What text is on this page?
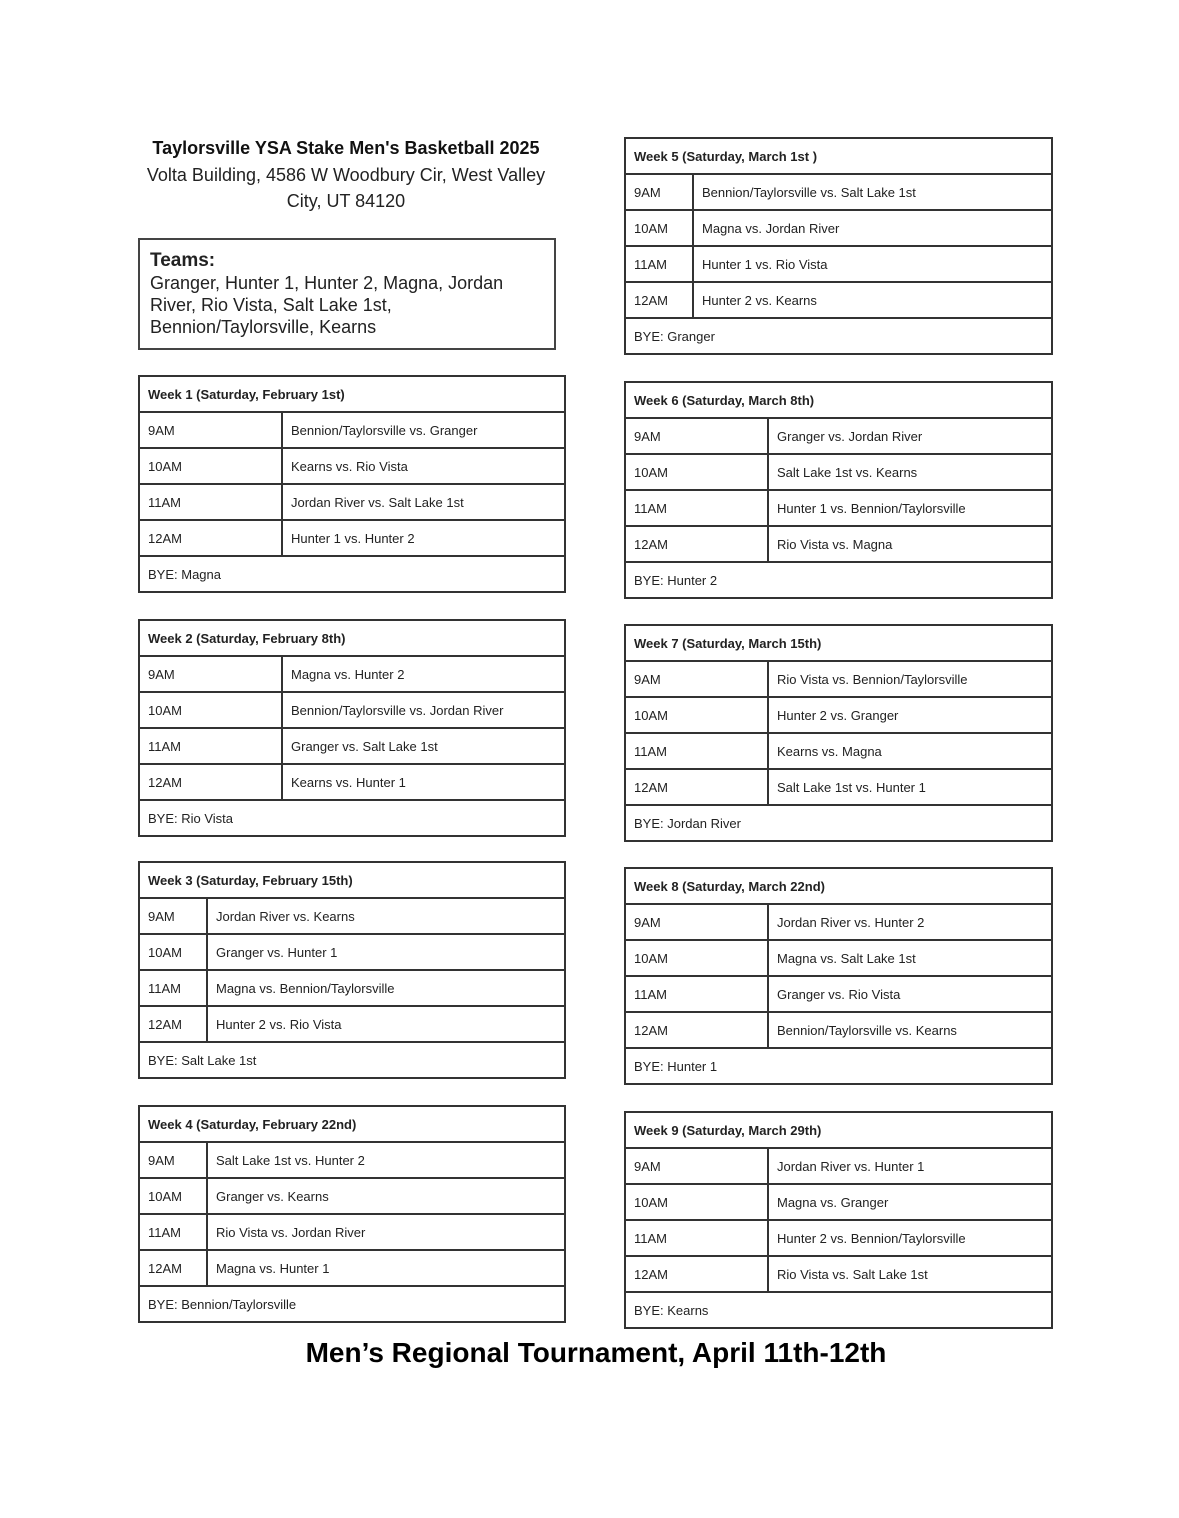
Taylorsville YSA Stake Men's Basketball 2025
Volta Building, 4586 W Woodbury Cir, West Valley City, UT 84120
Teams:
Granger, Hunter 1, Hunter 2, Magna, Jordan River, Rio Vista, Salt Lake 1st, Bennion/Taylorsville, Kearns
Week 1 (Saturday, February 1st)	
9AM	Bennion/Taylorsville vs. Granger
10AM	Kearns vs. Rio Vista
11AM	Jordan River vs. Salt Lake 1st
12AM	Hunter 1 vs. Hunter 2
BYE: Magna	
Week 2 (Saturday, February 8th)	
9AM	Magna vs. Hunter 2
10AM	Bennion/Taylorsville vs. Jordan River
11AM	Granger vs. Salt Lake 1st
12AM	Kearns vs. Hunter 1
BYE: Rio Vista	
Week 3 (Saturday, February 15th)	
9AM	Jordan River vs. Kearns
10AM	Granger vs. Hunter 1
11AM	Magna vs. Bennion/Taylorsville
12AM	Hunter 2 vs. Rio Vista
BYE: Salt Lake 1st	
Week 4 (Saturday, February 22nd)	
9AM	Salt Lake 1st vs. Hunter 2
10AM	Granger vs. Kearns
11AM	Rio Vista vs. Jordan River
12AM	Magna vs. Hunter 1
BYE: Bennion/Taylorsville	
Week 5 (Saturday, March 1st )	
9AM	Bennion/Taylorsville vs. Salt Lake 1st
10AM	Magna vs. Jordan River
11AM	Hunter 1 vs. Rio Vista
12AM	Hunter 2 vs. Kearns
BYE: Granger	
Week 6 (Saturday, March 8th)	
9AM	Granger vs. Jordan River
10AM	Salt Lake 1st vs. Kearns
11AM	Hunter 1 vs. Bennion/Taylorsville
12AM	Rio Vista vs. Magna
BYE: Hunter 2	
Week 7 (Saturday, March 15th)	
9AM	Rio Vista vs. Bennion/Taylorsville
10AM	Hunter 2 vs. Granger
11AM	Kearns vs. Magna
12AM	Salt Lake 1st vs. Hunter 1
BYE: Jordan River	
Week 8 (Saturday, March 22nd)	
9AM	Jordan River vs. Hunter 2
10AM	Magna vs. Salt Lake 1st
11AM	Granger vs. Rio Vista
12AM	Bennion/Taylorsville vs. Kearns
BYE: Hunter 1	
Week 9 (Saturday, March 29th)	
9AM	Jordan River vs. Hunter 1
10AM	Magna vs. Granger
11AM	Hunter 2 vs. Bennion/Taylorsville
12AM	Rio Vista vs. Salt Lake 1st
BYE: Kearns	
Men’s Regional Tournament, April 11th-12th
